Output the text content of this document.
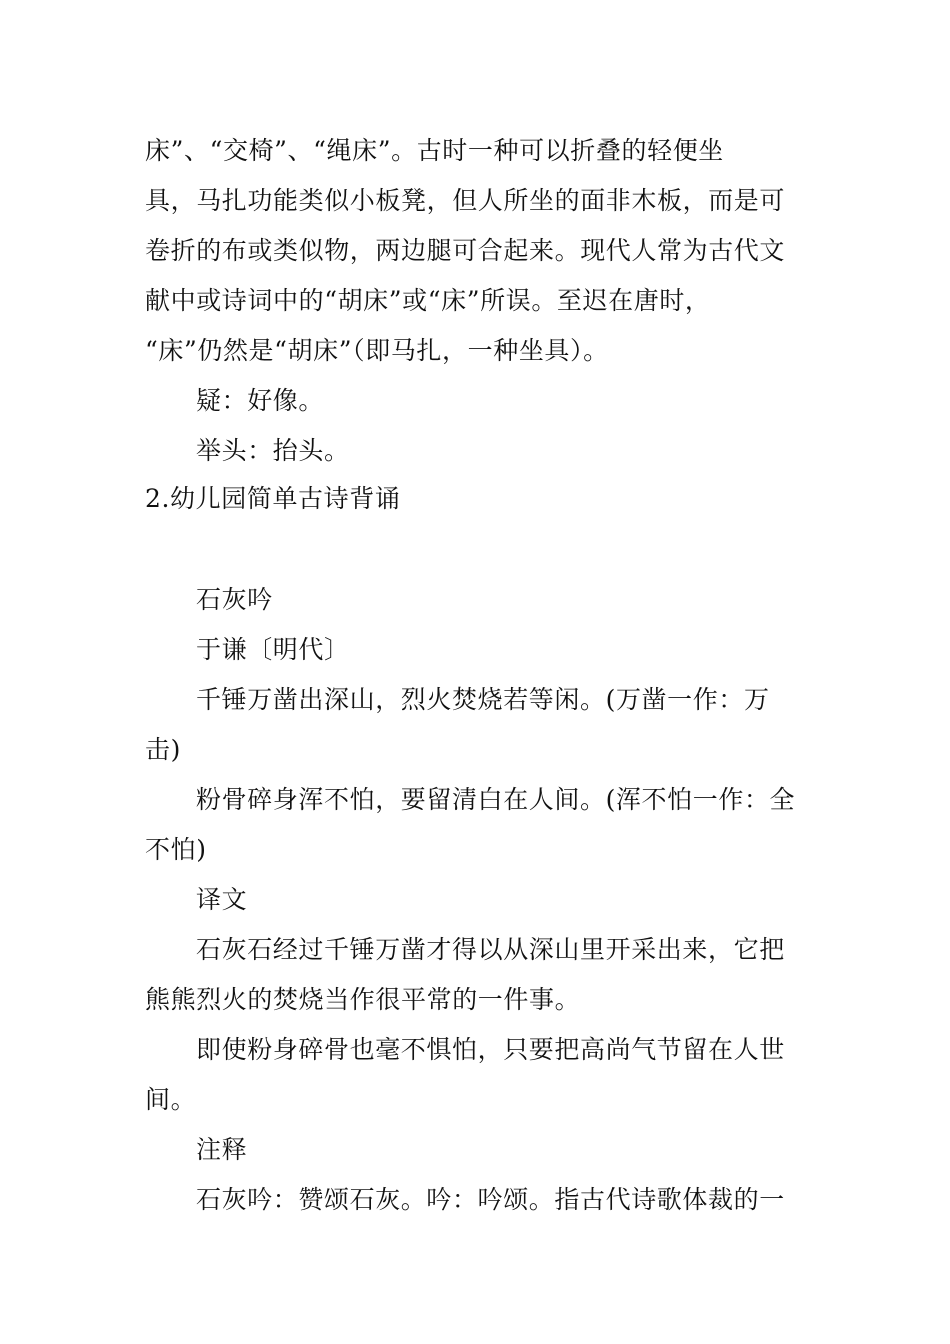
床”、“交椅”、“绳床”。古时一种可以折叠的轻便坐
具，马扎功能类似小板凳，但人所坐的面非木板，而是可
卷折的布或类似物，两边腿可合起来。现代人常为古代文
献中或诗词中的“胡床”或“床”所误。至迟在唐时，
“床”仍然是“胡床”（即马扎，一种坐具）。
疑：好像。
举头：抬头。
2.幼儿园简单古诗背诵
石灰吟
于谦〔明代〕
千锤万凿出深山，烈火焚烧若等闲。(万凿一作：万
击)
粉骨碎身浑不怕，要留清白在人间。(浑不怕一作：全
不怕)
译文
石灰石经过千锤万凿才得以从深山里开采出来，它把
熊熊烈火的焚烧当作很平常的一件事。
即使粉身碎骨也毫不惧怕，只要把高尚气节留在人世
间。
注释
石灰吟：赞颂石灰。吟：吟颂。指古代诗歌体裁的一
